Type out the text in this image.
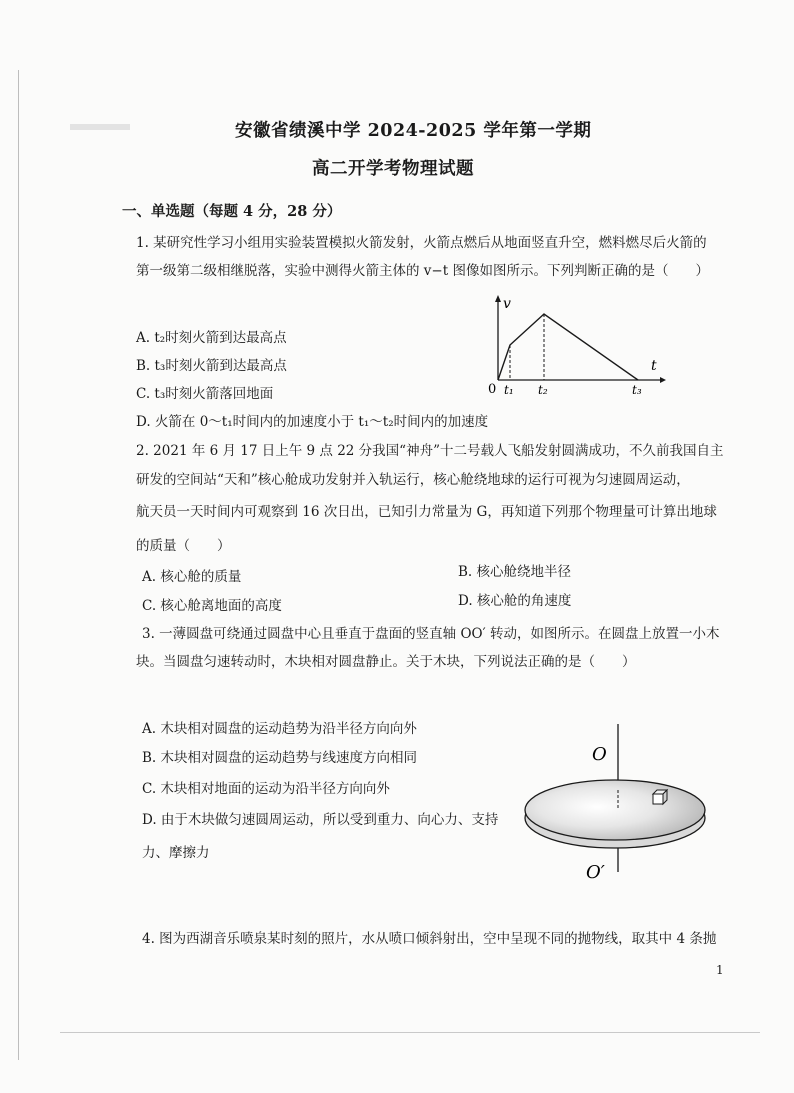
安徽省绩溪中学 2024-2025 学年第一学期
高二开学考物理试题
一、单选题（每题 4 分，28 分）
1. 某研究性学习小组用实验装置模拟火箭发射，火箭点燃后从地面竖直升空，燃料燃尽后火箭的
第一级第二级相继脱落，实验中测得火箭主体的 v−t 图像如图所示。下列判断正确的是（　　）
A. t₂时刻火箭到达最高点
B. t₃时刻火箭到达最高点
C. t₃时刻火箭落回地面
D. 火箭在 0～t₁时间内的加速度小于 t₁～t₂时间内的加速度
v
t
0 t₁ t₂	t₃
2. 2021 年 6 月 17 日上午 9 点 22 分我国“神舟”十二号载人飞船发射圆满成功，不久前我国自主
研发的空间站“天和”核心舱成功发射并入轨运行，核心舱绕地球的运行可视为匀速圆周运动，
航天员一天时间内可观察到 16 次日出，已知引力常量为 G，再知道下列那个物理量可计算出地球
的质量（　　）
A. 核心舱的质量	B. 核心舱绕地半径
C. 核心舱离地面的高度	D. 核心舱的角速度
3. 一薄圆盘可绕通过圆盘中心且垂直于盘面的竖直轴 OO′ 转动，如图所示。在圆盘上放置一小木
块。当圆盘匀速转动时，木块相对圆盘静止。关于木块，下列说法正确的是（　　）
A. 木块相对圆盘的运动趋势为沿半径方向向外
B. 木块相对圆盘的运动趋势与线速度方向相同
C. 木块相对地面的运动为沿半径方向向外
D. 由于木块做匀速圆周运动，所以受到重力、向心力、支持
力、摩擦力
O
O′
4. 图为西湖音乐喷泉某时刻的照片，水从喷口倾斜射出，空中呈现不同的抛物线，取其中 4 条抛
1
